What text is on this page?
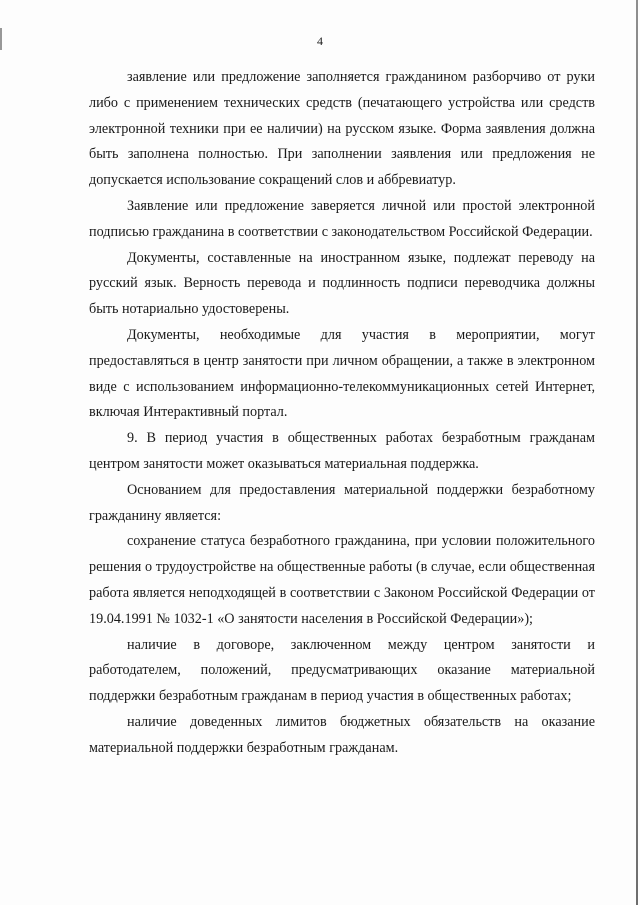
4

заявление или предложение заполняется гражданином разборчиво от руки либо с применением технических средств (печатающего устройства или средств электронной техники при ее наличии) на русском языке. Форма заявления должна быть заполнена полностью. При заполнении заявления или предложения не допускается использование сокращений слов и аббревиатур.

Заявление или предложение заверяется личной или простой электронной подписью гражданина в соответствии с законодательством Российской Федерации.

Документы, составленные на иностранном языке, подлежат переводу на русский язык. Верность перевода и подлинность подписи переводчика должны быть нотариально удостоверены.

Документы, необходимые для участия в мероприятии, могут предоставляться в центр занятости при личном обращении, а также в электронном виде с использованием информационно-телекоммуникационных сетей Интернет, включая Интерактивный портал.

9. В период участия в общественных работах безработным гражданам центром занятости может оказываться материальная поддержка.

Основанием для предоставления материальной поддержки безработному гражданину является:

сохранение статуса безработного гражданина, при условии положительного решения о трудоустройстве на общественные работы (в случае, если общественная работа является неподходящей в соответствии с Законом Российской Федерации от 19.04.1991 № 1032-1 «О занятости населения в Российской Федерации»);

наличие в договоре, заключенном между центром занятости и работодателем, положений, предусматривающих оказание материальной поддержки безработным гражданам в период участия в общественных работах;

наличие доведенных лимитов бюджетных обязательств на оказание материальной поддержки безработным гражданам.
